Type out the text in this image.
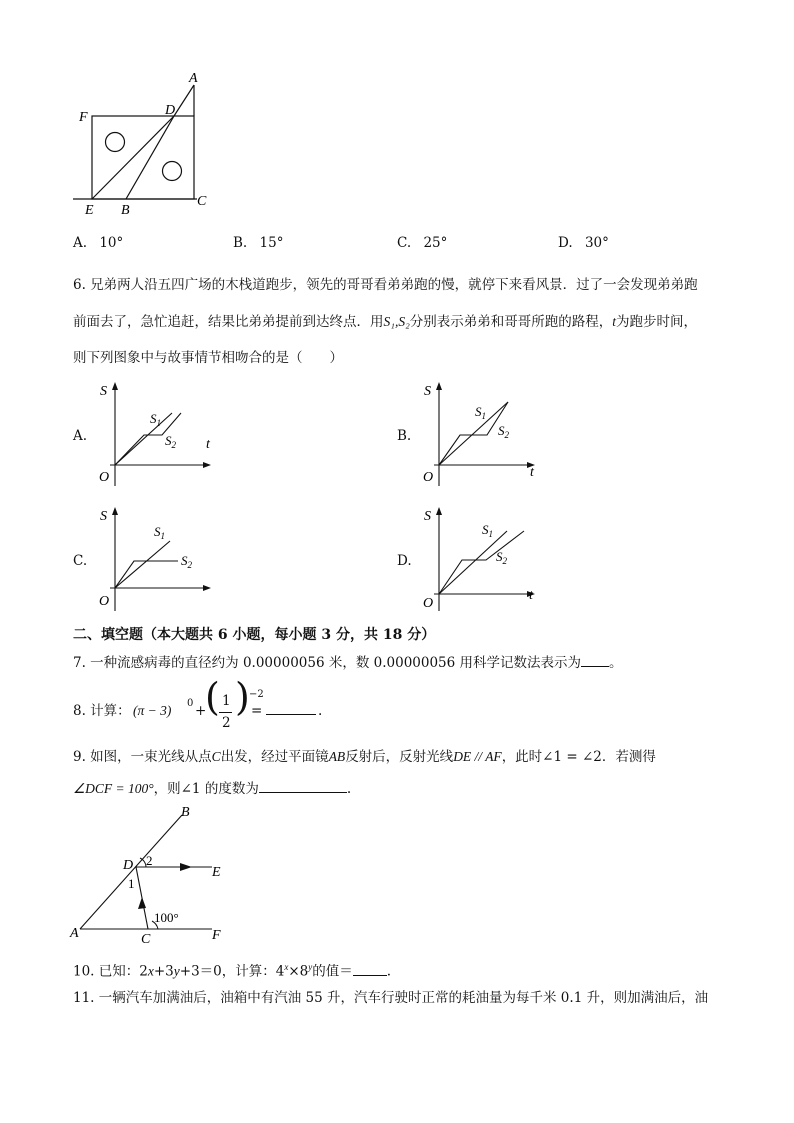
A
D
F
E B
C
A. 10°	B. 15°	C. 25°	D. 30°
6. 兄弟两人沿五四广场的木栈道跑步，领先的哥哥看弟弟跑的慢，就停下来看风景．过了一会发现弟弟跑
前面去了，急忙追赶，结果比弟弟提前到达终点．用S₁,S₂分别表示弟弟和哥哥所跑的路程，t为跑步时间，
则下列图象中与故事情节相吻合的是（　　）
A.	B.
C.	D.
S
O
t
$S_1$
$S_2$
S
O	t
$S_1$
$S_2$
S
O
$S_1$
$S_2$
S
O
t
$S_1$
$S_2$
二、填空题（本大题共 6 小题，每小题 3 分，共 18 分）
7. 一种流感病毒的直径约为 0.00000056 米，数 0.00000056 用科学记数法表示为 。
8. 计算： (π − 3) 0 +
( 1
2
) −2
=	.
9. 如图，一束光线从点C出发，经过平面镜AB反射后，反射光线DE // AF，此时∠1 = ∠2．若测得
∠DCF = 100°，则∠1 的度数为	.
B
D	E
A	C	F
1
2
100°
10. 已知：2x+3y+3＝0，计算：$4^x\times 8^y$的值＝	.
11. 一辆汽车加满油后，油箱中有汽油 55 升，汽车行驶时正常的耗油量为每千米 0.1 升，则加满油后，油
